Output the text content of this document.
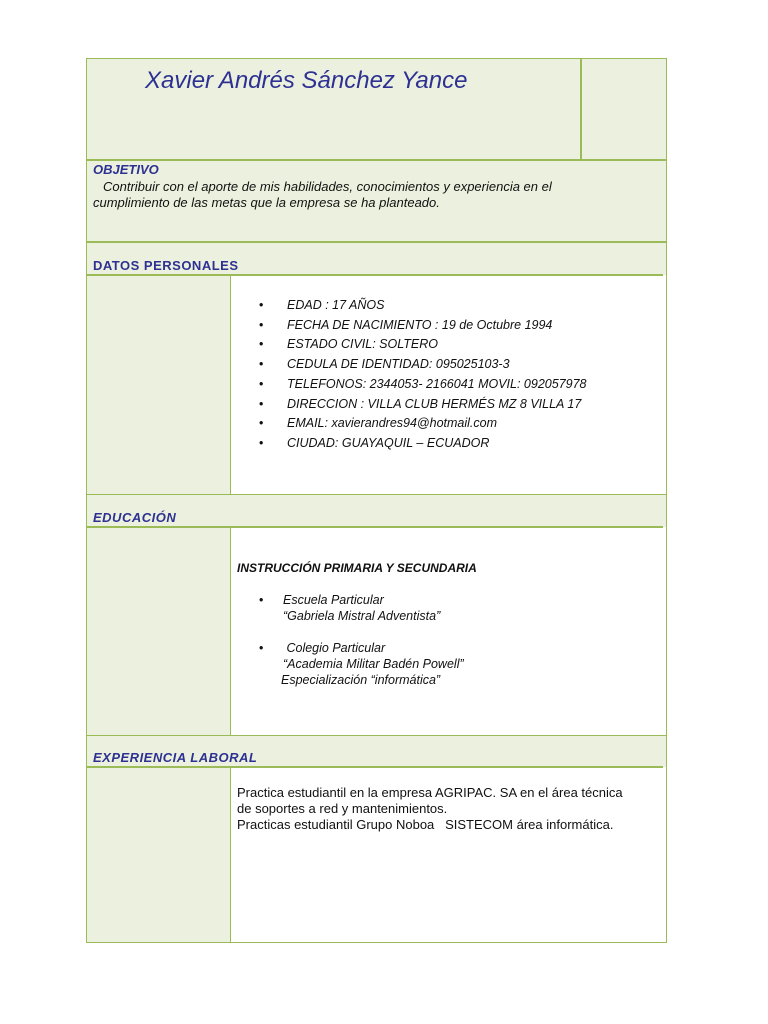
Xavier Andrés Sánchez Yance
OBJETIVO
Contribuir con el aporte de mis habilidades, conocimientos y experiencia en el
cumplimiento de las metas que la empresa se ha planteado.
DATOS PERSONALES
• EDAD : 17 AÑOS
• FECHA DE NACIMIENTO : 19 de Octubre 1994
• ESTADO CIVIL: SOLTERO
• CEDULA DE IDENTIDAD: 095025103-3
• TELEFONOS: 2344053- 2166041 MOVIL: 092057978
• DIRECCION : VILLA CLUB HERMÉS MZ 8 VILLA 17
• EMAIL: xavierandres94@hotmail.com
• CIUDAD: GUAYAQUIL – ECUADOR
EDUCACIÓN
INSTRUCCIÓN PRIMARIA Y SECUNDARIA
•	Escuela Particular
“Gabriela Mistral Adventista”
•	Colegio Particular
“Academia Militar Badén Powell”
Especialización “informática”
EXPERIENCIA LABORAL
Practica estudiantil en la empresa AGRIPAC. SA en el área técnica
de soportes a red y mantenimientos.
Practicas estudiantil Grupo Noboa   SISTECOM área informática.
